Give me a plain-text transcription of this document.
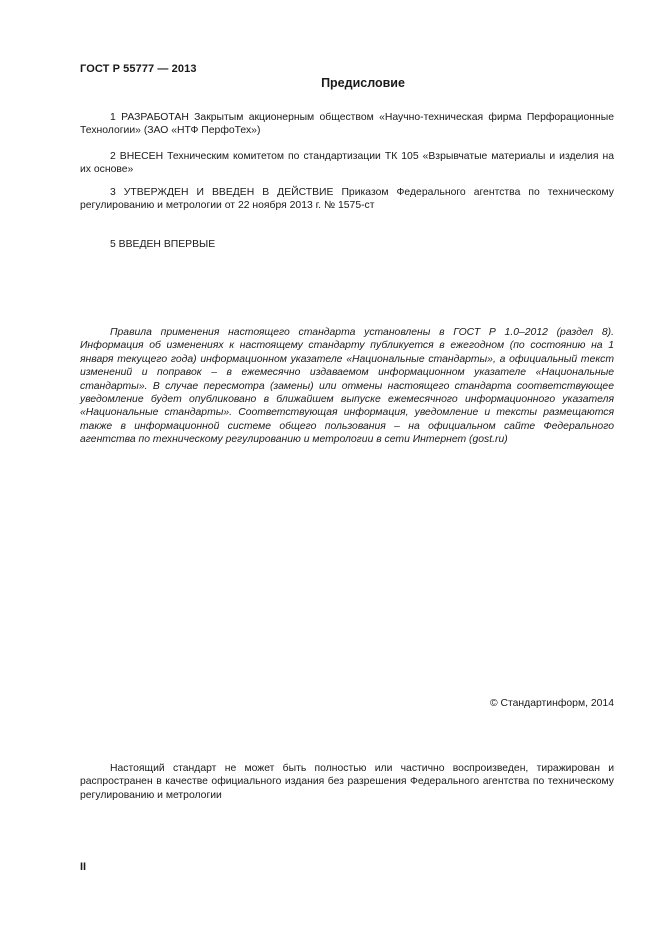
ГОСТ Р 55777 — 2013
Предисловие

1 РАЗРАБОТАН Закрытым акционерным обществом «Научно-техническая фирма Перфорационные Технологии» (ЗАО «НТФ ПерфоТех»)

2 ВНЕСЕН Техническим комитетом по стандартизации ТК 105 «Взрывчатые материалы и изделия на их основе»

3 УТВЕРЖДЕН И ВВЕДЕН В ДЕЙСТВИЕ Приказом Федерального агентства по техническому регулированию и метрологии от 22 ноября 2013 г. № 1575-ст

5 ВВЕДЕН ВПЕРВЫЕ

Правила применения настоящего стандарта установлены в ГОСТ Р 1.0–2012 (раздел 8). Информация об изменениях к настоящему стандарту публикуется в ежегодном (по состоянию на 1 января текущего года) информационном указателе «Национальные стандарты», а официальный текст изменений и поправок – в ежемесячно издаваемом информационном указателе «Национальные стандарты». В случае пересмотра (замены) или отмены настоящего стандарта соответствующее уведомление будет опубликовано в ближайшем выпуске ежемесячного информационного указателя «Национальные стандарты». Соответствующая информация, уведомление и тексты размещаются также в информационной системе общего пользования – на официальном сайте Федерального агентства по техническому регулированию и метрологии в сети Интернет (gost.ru)

© Стандартинформ, 2014

Настоящий стандарт не может быть полностью или частично воспроизведен, тиражирован и распространен в качестве официального издания без разрешения Федерального агентства по техническому регулированию и метрологии

II
